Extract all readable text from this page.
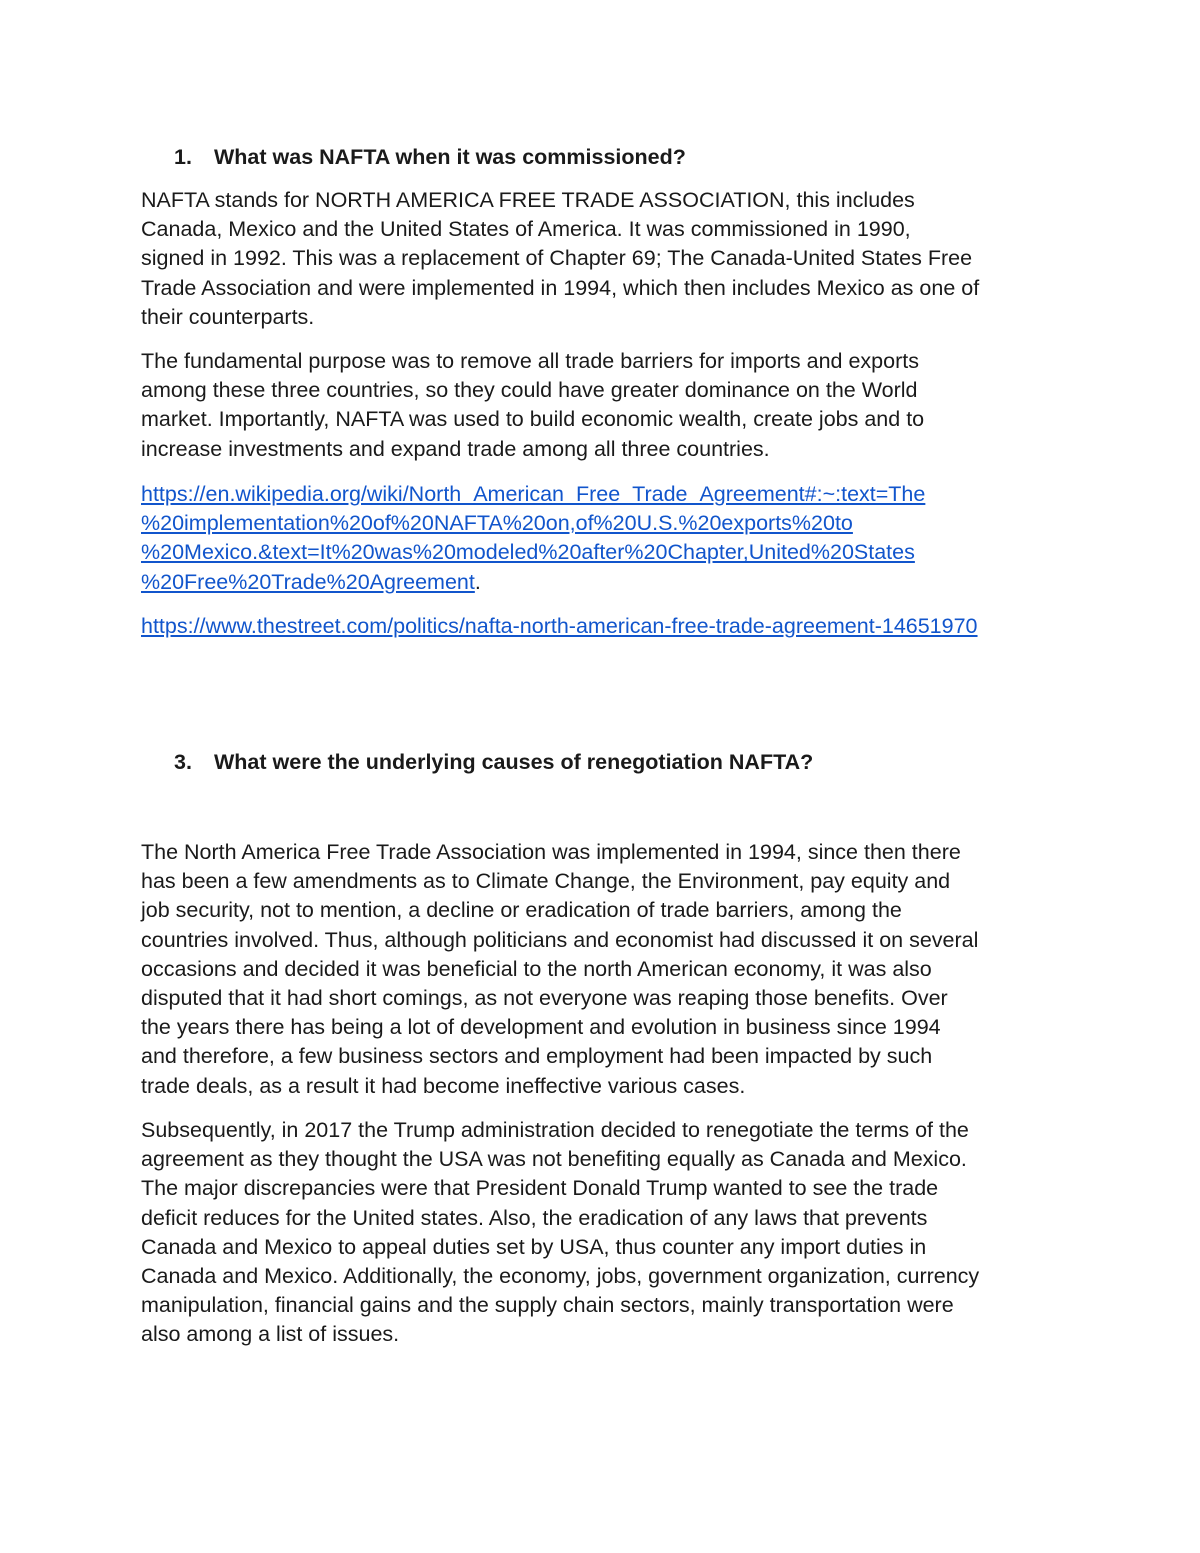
1. What was NAFTA when it was commissioned?

NAFTA stands for NORTH AMERICA FREE TRADE ASSOCIATION, this includes
Canada, Mexico and the United States of America. It was commissioned in 1990,
signed in 1992. This was a replacement of Chapter 69; The Canada-United States Free
Trade Association and were implemented in 1994, which then includes Mexico as one of
their counterparts.

The fundamental purpose was to remove all trade barriers for imports and exports
among these three countries, so they could have greater dominance on the World
market. Importantly, NAFTA was used to build economic wealth, create jobs and to
increase investments and expand trade among all three countries.

https://en.wikipedia.org/wiki/North_American_Free_Trade_Agreement#:~:text=The
%20implementation%20of%20NAFTA%20on,of%20U.S.%20exports%20to
%20Mexico.&text=It%20was%20modeled%20after%20Chapter,United%20States
%20Free%20Trade%20Agreement.

https://www.thestreet.com/politics/nafta-north-american-free-trade-agreement-14651970

3. What were the underlying causes of renegotiation NAFTA?

The North America Free Trade Association was implemented in 1994, since then there
has been a few amendments as to Climate Change, the Environment, pay equity and
job security, not to mention, a decline or eradication of trade barriers, among the
countries involved. Thus, although politicians and economist had discussed it on several
occasions and decided it was beneficial to the north American economy, it was also
disputed that it had short comings, as not everyone was reaping those benefits. Over
the years there has being a lot of development and evolution in business since 1994
and therefore, a few business sectors and employment had been impacted by such
trade deals, as a result it had become ineffective various cases.

Subsequently, in 2017 the Trump administration decided to renegotiate the terms of the
agreement as they thought the USA was not benefiting equally as Canada and Mexico.
The major discrepancies were that President Donald Trump wanted to see the trade
deficit reduces for the United states. Also, the eradication of any laws that prevents
Canada and Mexico to appeal duties set by USA, thus counter any import duties in
Canada and Mexico. Additionally, the economy, jobs, government organization, currency
manipulation, financial gains and the supply chain sectors, mainly transportation were
also among a list of issues.
